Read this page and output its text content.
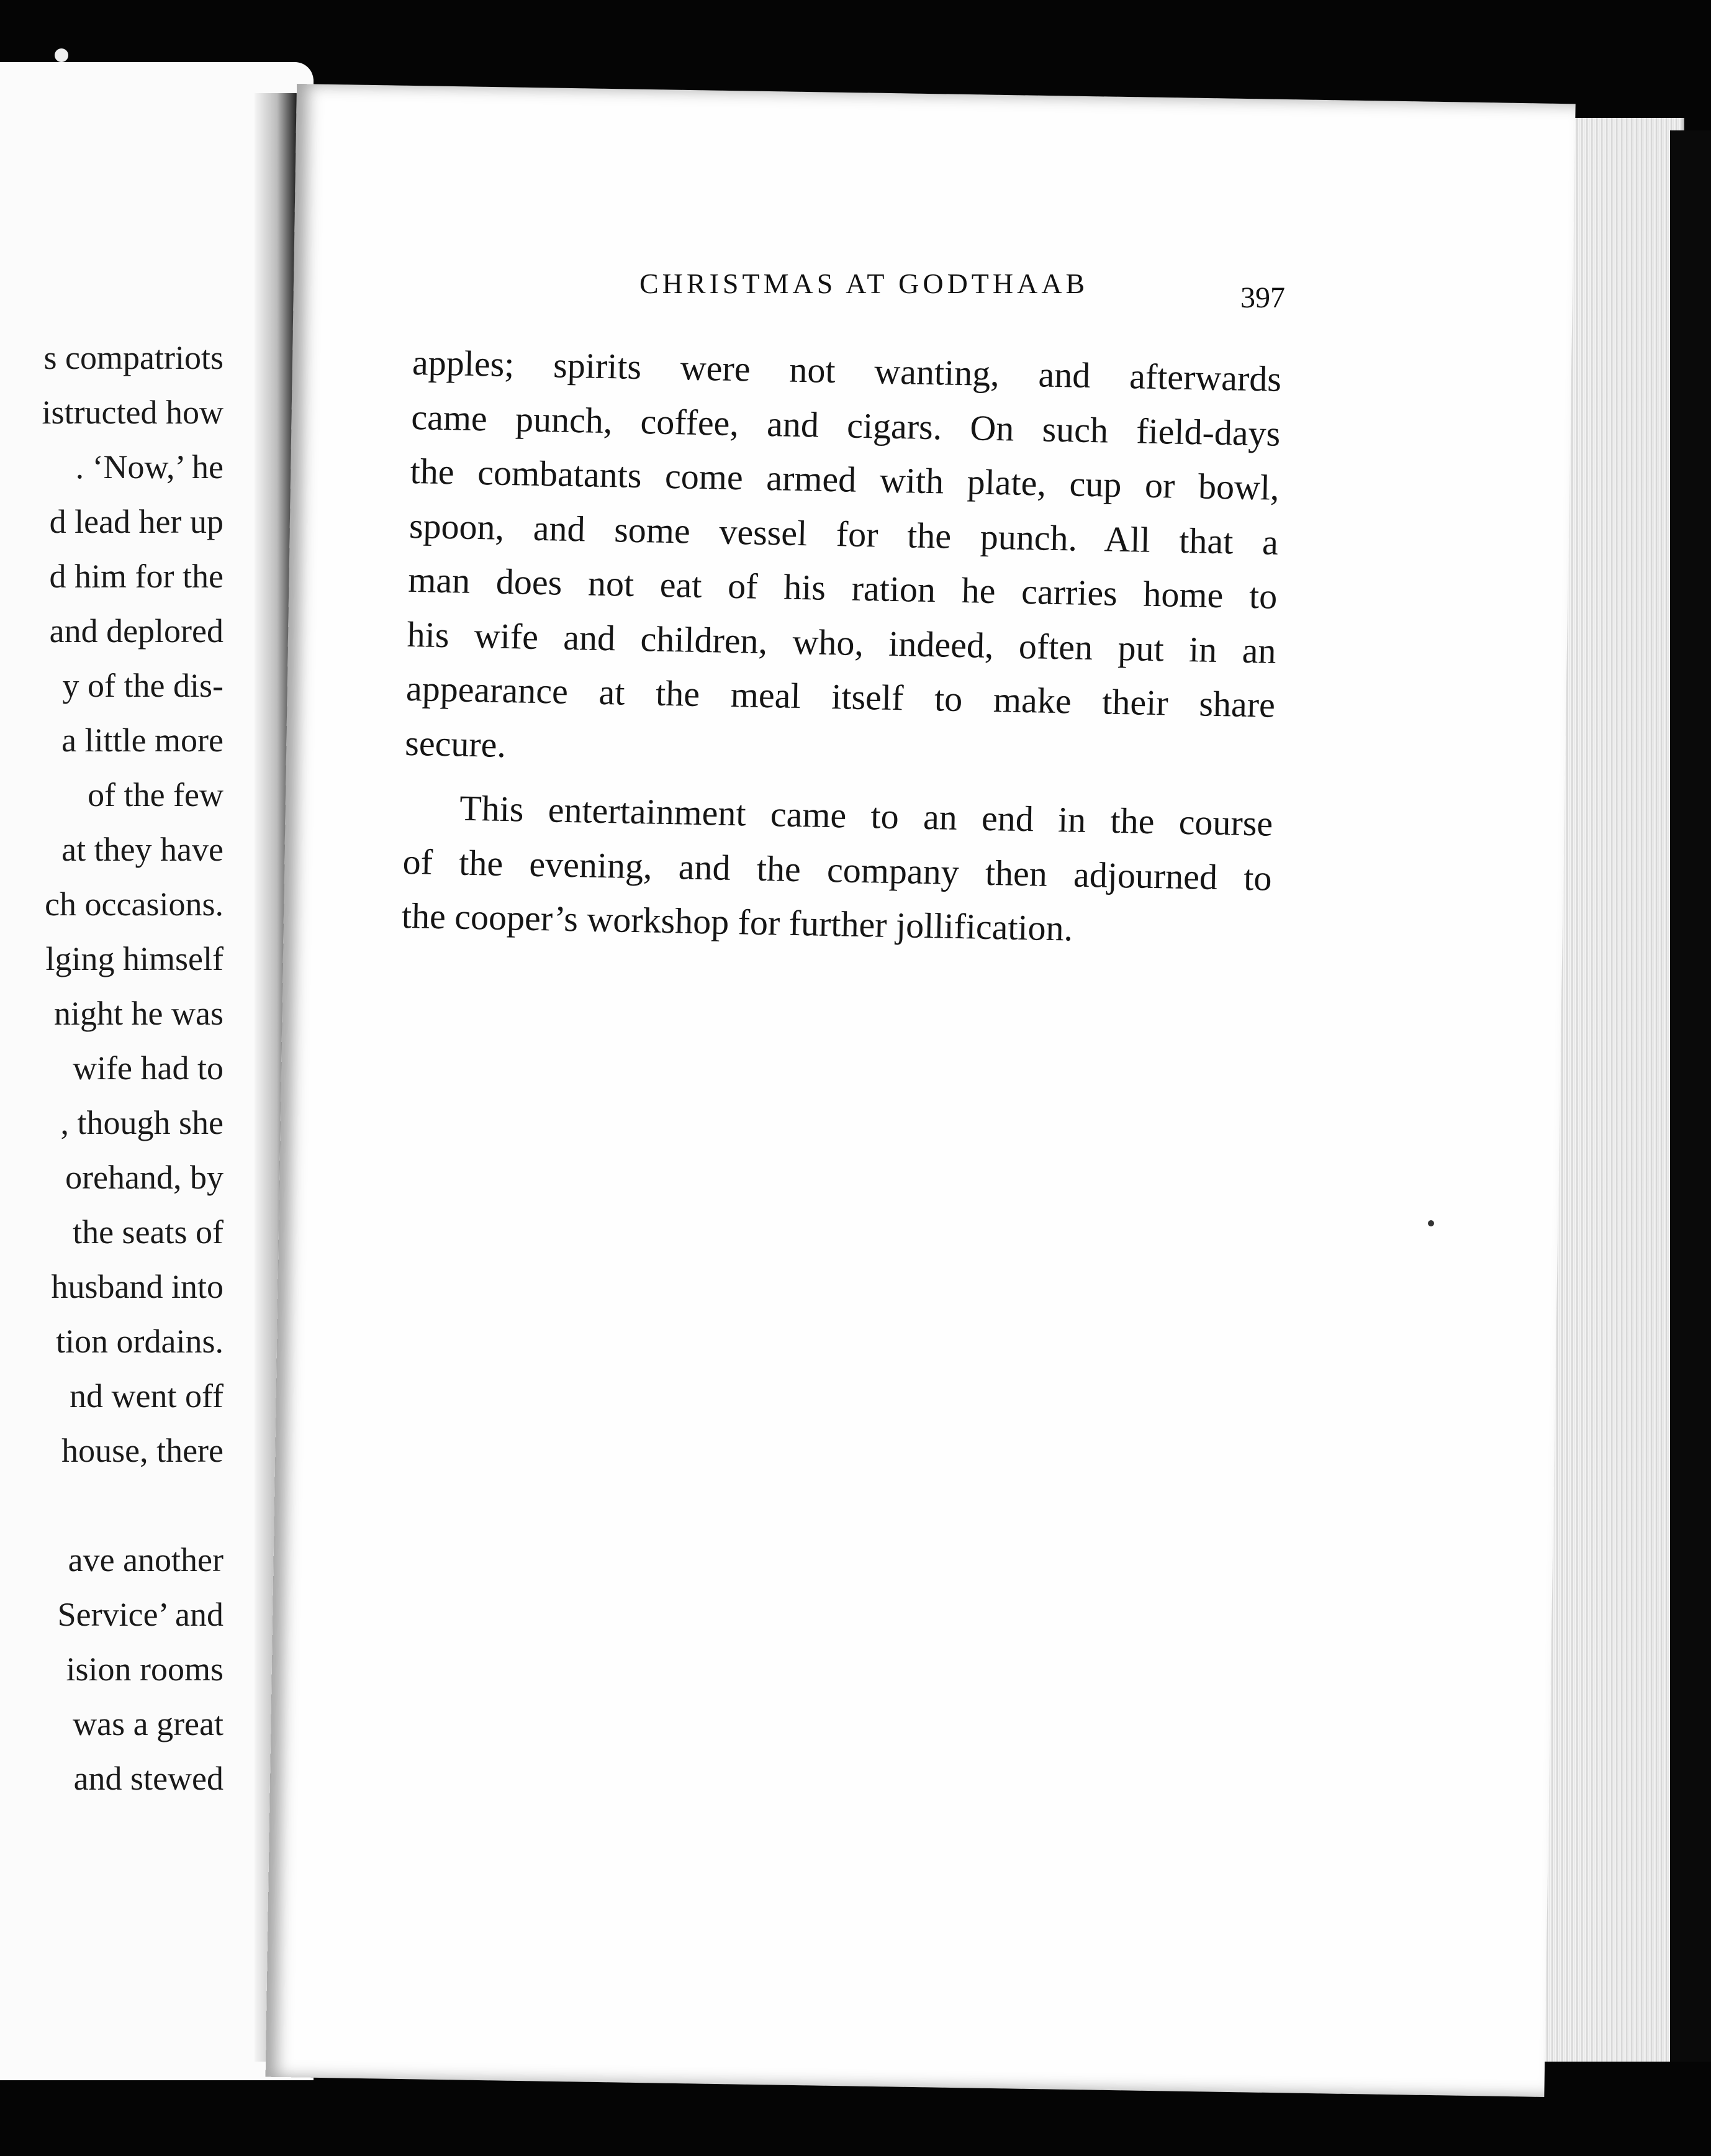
s compatriots
istructed how
. ‘Now,’ he
d lead her up
d him for the
and deplored
y of the dis-
a little more
of the few
at they have
ch occasions.
lging himself
night he was
wife had to
, though she
orehand, by
the seats of
husband into
tion ordains.
nd went off
house, there
ave another
Service’ and
ision rooms
was a great
and stewed
CHRISTMAS AT GODTHAAB	397
apples; spirits were not wanting, and afterwards
came punch, coffee, and cigars. On such field-days
the combatants come armed with plate, cup or bowl,
spoon, and some vessel for the punch. All that a
man does not eat of his ration he carries home to
his wife and children, who, indeed, often put in an
appearance at the meal itself to make their share
secure.
This entertainment came to an end in the course
of the evening, and the company then adjourned to
the cooper’s workshop for further jollification.
